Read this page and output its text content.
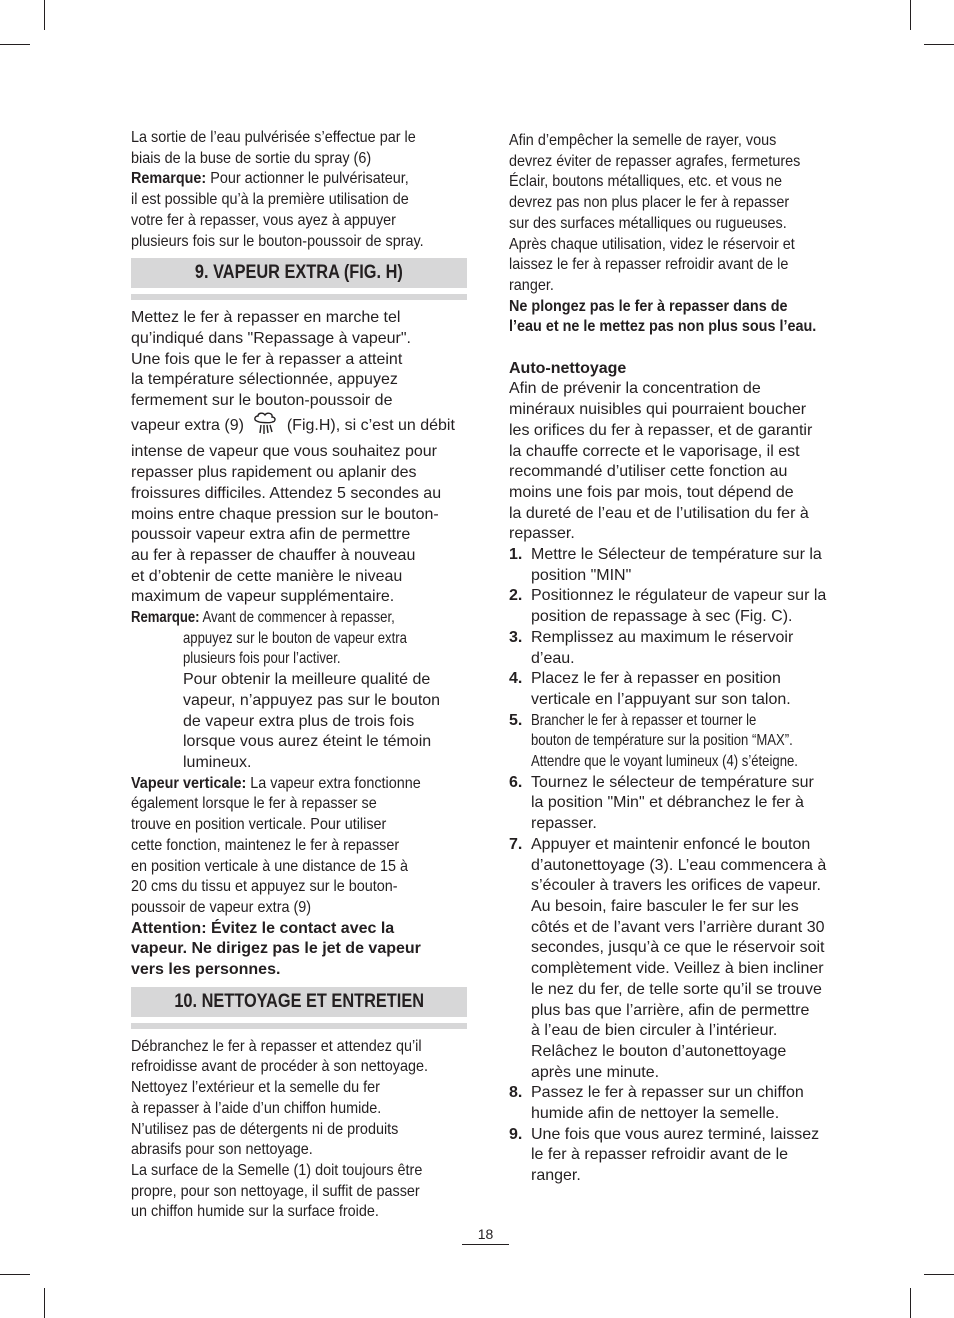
La sortie de l’eau pulvérisée s’effectue par le
biais de la buse de sortie du spray (6)
Remarque: Pour actionner le pulvérisateur,
il est possible qu’à la première utilisation de
votre fer à repasser, vous ayez à appuyer
plusieurs fois sur le bouton-poussoir de spray.
9. VAPEUR EXTRA (FIG. H)
Mettez le fer à repasser en marche tel
qu’indiqué dans "Repassage à vapeur".
Une fois que le fer à repasser a atteint
la température sélectionnée, appuyez
fermement sur le bouton-poussoir de
vapeur extra (9)	(Fig.H), si c’est un débit
intense de vapeur que vous souhaitez pour
repasser plus rapidement ou aplanir des
froissures difficiles. Attendez 5 secondes au
moins entre chaque pression sur le bouton-
poussoir vapeur extra afin de permettre
au fer à repasser de chauffer à nouveau
et d’obtenir de cette manière le niveau
maximum de vapeur supplémentaire.
Remarque: Avant de commencer à repasser,
appuyez sur le bouton de vapeur extra
plusieurs fois pour l’activer.
Pour obtenir la meilleure qualité de
vapeur, n’appuyez pas sur le bouton
de vapeur extra plus de trois fois
lorsque vous aurez éteint le témoin
lumineux.
Vapeur verticale: La vapeur extra fonctionne
également lorsque le fer à repasser se
trouve en position verticale. Pour utiliser
cette fonction, maintenez le fer à repasser
en position verticale à une distance de 15 à
20 cms du tissu et appuyez sur le bouton-
poussoir de vapeur extra (9)
Attention: Évitez le contact avec la
vapeur. Ne dirigez pas le jet de vapeur
vers les personnes.
10. NETTOYAGE ET ENTRETIEN
Débranchez le fer à repasser et attendez qu’il
refroidisse avant de procéder à son nettoyage.
Nettoyez l’extérieur et la semelle du fer
à repasser à l’aide d’un chiffon humide.
N’utilisez pas de détergents ni de produits
abrasifs pour son nettoyage.
La surface de la Semelle (1) doit toujours être
propre, pour son nettoyage, il suffit de passer
un chiffon humide sur la surface froide.
Afin d’empêcher la semelle de rayer, vous
devrez éviter de repasser agrafes, fermetures
Éclair, boutons métalliques, etc. et vous ne
devrez pas non plus placer le fer à repasser
sur des surfaces métalliques ou rugueuses.
Après chaque utilisation, videz le réservoir et
laissez le fer à repasser refroidir avant de le
ranger.
Ne plongez pas le fer à repasser dans de
l’eau et ne le mettez pas non plus sous l’eau.
Auto-nettoyage
Afin de prévenir la concentration de
minéraux nuisibles qui pourraient boucher
les orifices du fer à repasser, et de garantir
la chauffe correcte et le vaporisage, il est
recommandé d’utiliser cette fonction au
moins une fois par mois, tout dépend de
la dureté de l’eau et de l’utilisation du fer à
repasser.
1. Mettre le Sélecteur de température sur la
position "MIN"
2. Positionnez le régulateur de vapeur sur la
position de repassage à sec (Fig. C).
3. Remplissez au maximum le réservoir
d’eau.
4. Placez le fer à repasser en position
verticale en l’appuyant sur son talon.
5. Brancher le fer à repasser et tourner le
bouton de température sur la position “MAX”.
Attendre que le voyant lumineux (4) s’éteigne.
6. Tournez le sélecteur de température sur
la position "Min" et débranchez le fer à
repasser.
7. Appuyer et maintenir enfoncé le bouton
d’autonettoyage (3). L’eau commencera à
s’écouler à travers les orifices de vapeur.
Au besoin, faire basculer le fer sur les
côtés et de l’avant vers l’arrière durant 30
secondes, jusqu’à ce que le réservoir soit
complètement vide. Veillez à bien incliner
le nez du fer, de telle sorte qu’il se trouve
plus bas que l’arrière, afin de permettre
à l’eau de bien circuler à l’intérieur.
Relâchez le bouton d’autonettoyage
après une minute.
8. Passez le fer à repasser sur un chiffon
humide afin de nettoyer la semelle.
9. Une fois que vous aurez terminé, laissez
le fer à repasser refroidir avant de le
ranger.
18
